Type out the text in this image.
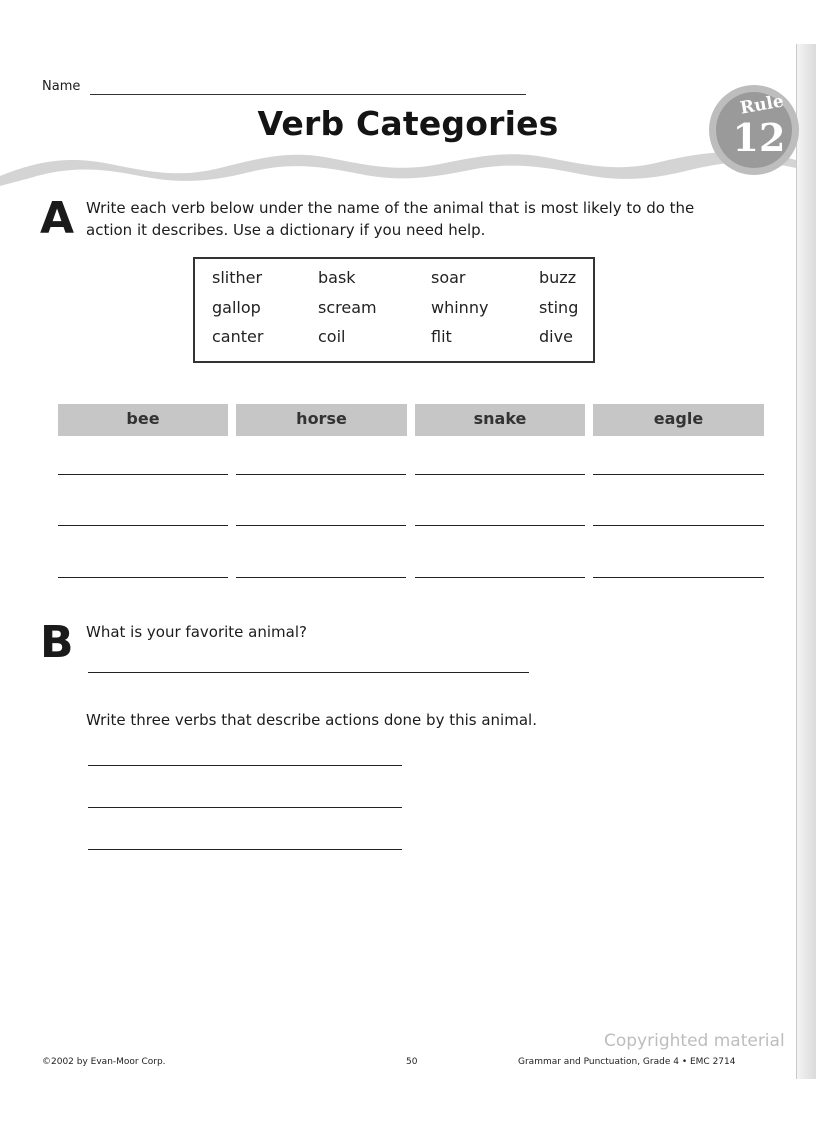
Name
Verb Categories	Rule
12
A Write each verb below under the name of the animal that is most likely to do the
action it describes. Use a dictionary if you need help.
slither	bask	soar	buzz
gallop	scream	whinny	sting
canter	coil	flit	dive
bee	horse	snake	eagle
B What is your favorite animal?
Write three verbs that describe actions done by this animal.
Copyrighted material
©2002 by Evan-Moor Corp.	50	Grammar and Punctuation, Grade 4 • EMC 2714
